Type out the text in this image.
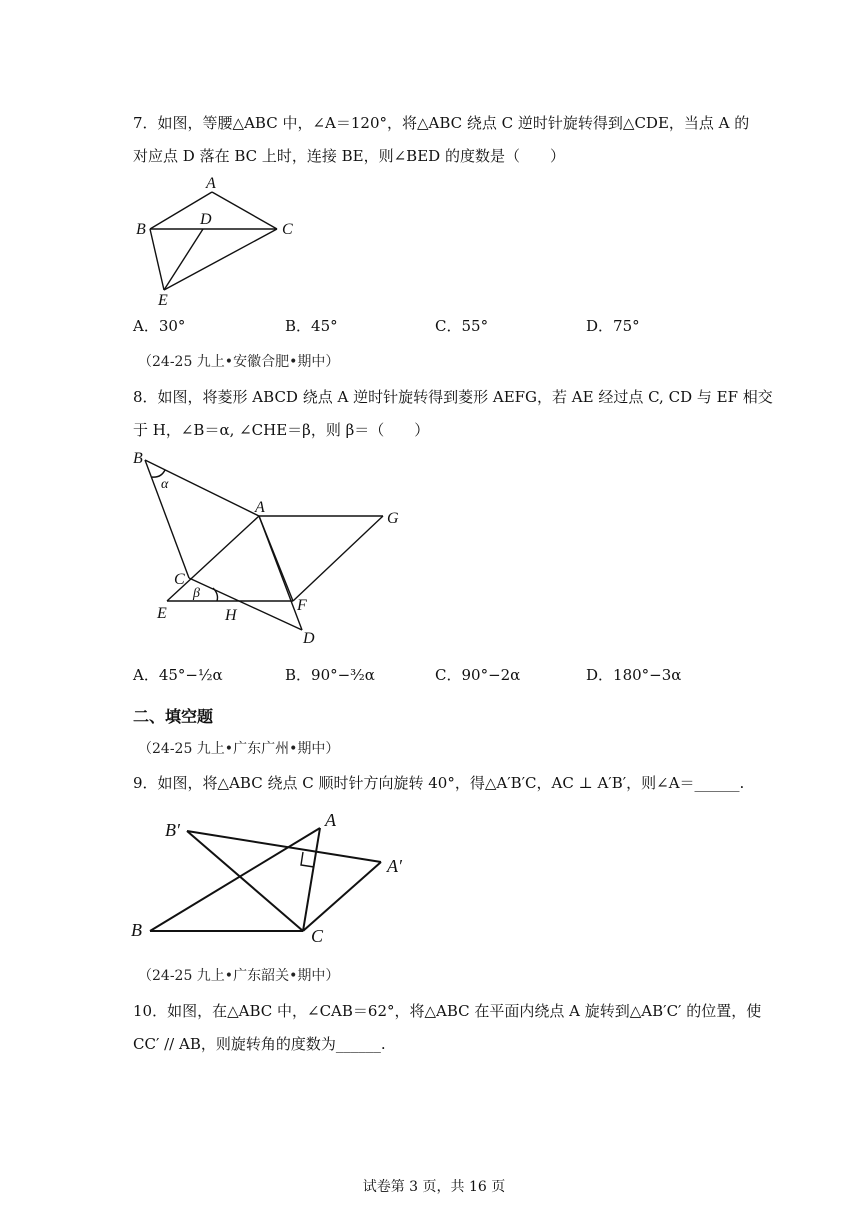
7．如图，等腰△ABC 中，∠A＝120°，将△ABC 绕点 C 逆时针旋转得到△CDE，当点 A 的
对应点 D 落在 BC 上时，连接 BE，则∠BED 的度数是（　　）
A
B	C
D
E
A．30°	B．45°	C．55°	D．75°
（24-25 九上•安徽合肥•期中）
8．如图，将菱形 ABCD 绕点 A 逆时针旋转得到菱形 AEFG，若 AE 经过点 C, CD 与 EF 相交
于 H，∠B＝α, ∠CHE＝β，则 β＝（　　）
B
α
A
G
C
β
E	H
F
D
A．45°−½α	B．90°−³⁄₂α	C．90°−2α	D．180°−3α
二、填空题
（24-25 九上•广东广州•期中）
9．如图，将△ABC 绕点 C 顺时针方向旋转 40°，得△A′B′C，AC ⊥ A′B′，则∠A＝______.
B	C
A
B′
A′
（24-25 九上•广东韶关•期中）
10．如图，在△ABC 中，∠CAB＝62°，将△ABC 在平面内绕点 A 旋转到△AB′C′ 的位置，使
CC′ // AB，则旋转角的度数为______.
试卷第 3 页，共 16 页
